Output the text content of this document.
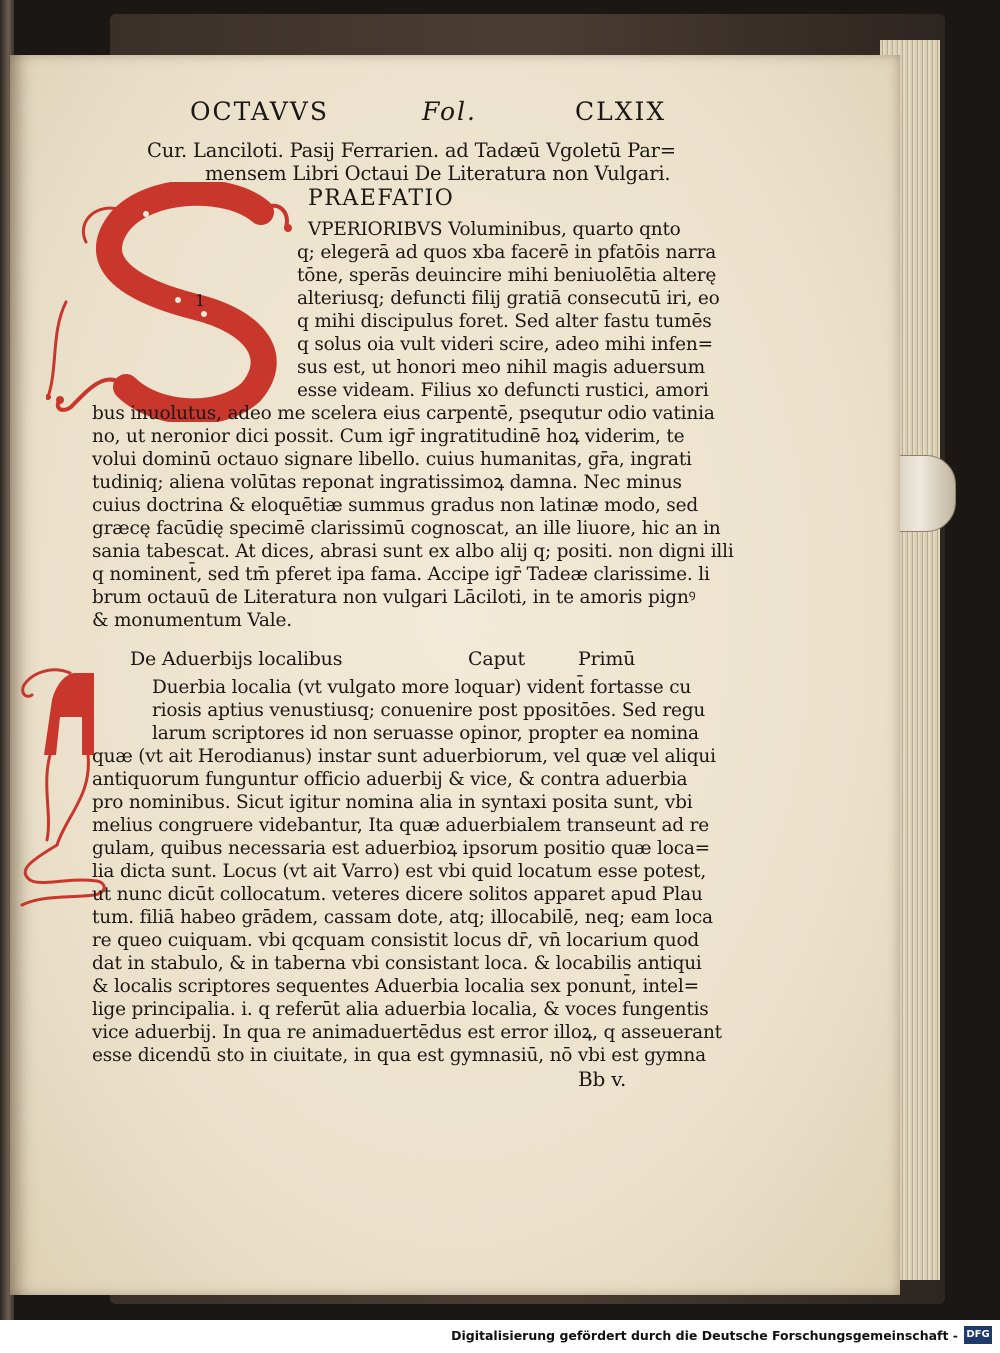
OCTAVVS	Fol.	CLXIX
Cur. Lanciloti. Pasij Ferrarien. ad Tadæū Vgoletū Par=
mensem Libri Octaui De Literatura non Vulgari.
PRAEFATIO
1
VPERIORIBVS Voluminibus, quarto qnto
q; elegerā ad quos xba facerē in pfatōis narra
tōne, sperās deuincire mihi beniuolētia alterę
alteriusq; defuncti filij gratiā consecutū iri, eo
q mihi discipulus foret. Sed alter fastu tumēs
q solus oia vult videri scire, adeo mihi infen=
sus est, ut honori meo nihil magis aduersum
esse videam. Filius xo defuncti rustici, amori
bus inuolutus, adeo me scelera eius carpentē, psequtur odio vatinia
no, ut neronior dici possit. Cum igr̄ ingratitudinē hoꝝ viderim, te
volui dominū octauo signare libello. cuius humanitas, gr̄a, ingrati
tudiniq; aliena volūtas reponat ingratissimoꝝ damna. Nec minus
cuius doctrina & eloquētiæ summus gradus non latinæ modo, sed
græcę facūdię specimē clarissimū cognoscat, an ille liuore, hic an in
sania tabescat. At dices, abrasi sunt ex albo alij q; positi. non digni illi
q nominent̄, sed tm̄ pferet ipa fama. Accipe igr̄ Tadeæ clarissime. li
brum octauū de Literatura non vulgari Lāciloti, in te amoris pignꝰ
& monumentum Vale.
De Aduerbijs localibus	Caput	Primū
Duerbia localia (vt vulgato more loquar) vident̄ fortasse cu
riosis aptius venustiusq; conuenire post ppositōes. Sed regu
larum scriptores id non seruasse opinor, propter ea nomina
quæ (vt ait Herodianus) instar sunt aduerbiorum, vel quæ vel aliqui
antiquorum funguntur officio aduerbij & vice, & contra aduerbia
pro nominibus. Sicut igitur nomina alia in syntaxi posita sunt, vbi
melius congruere videbantur, Ita quæ aduerbialem transeunt ad re
gulam, quibus necessaria est aduerbioꝝ ipsorum positio quæ loca=
lia dicta sunt. Locus (vt ait Varro) est vbi quid locatum esse potest,
ut nunc dicūt collocatum. veteres dicere solitos apparet apud Plau
tum. filiā habeo grādem, cassam dote, atq; illocabilē, neq; eam loca
re queo cuiquam. vbi qcquam consistit locus dr̄, vn̄ locarium quod
dat in stabulo, & in taberna vbi consistant loca. & locabilis antiqui
& localis scriptores sequentes Aduerbia localia sex ponunt̄, intel=
lige principalia. i. q referūt alia aduerbia localia, & voces fungentis
vice aduerbij. In qua re animaduertēdus est error illoꝝ, q asseuerant
esse dicendū sto in ciuitate, in qua est gymnasiū, nō vbi est gymna
Bb v.
Digitalisierung gefördert durch die Deutsche Forschungsgemeinschaft - DFG
